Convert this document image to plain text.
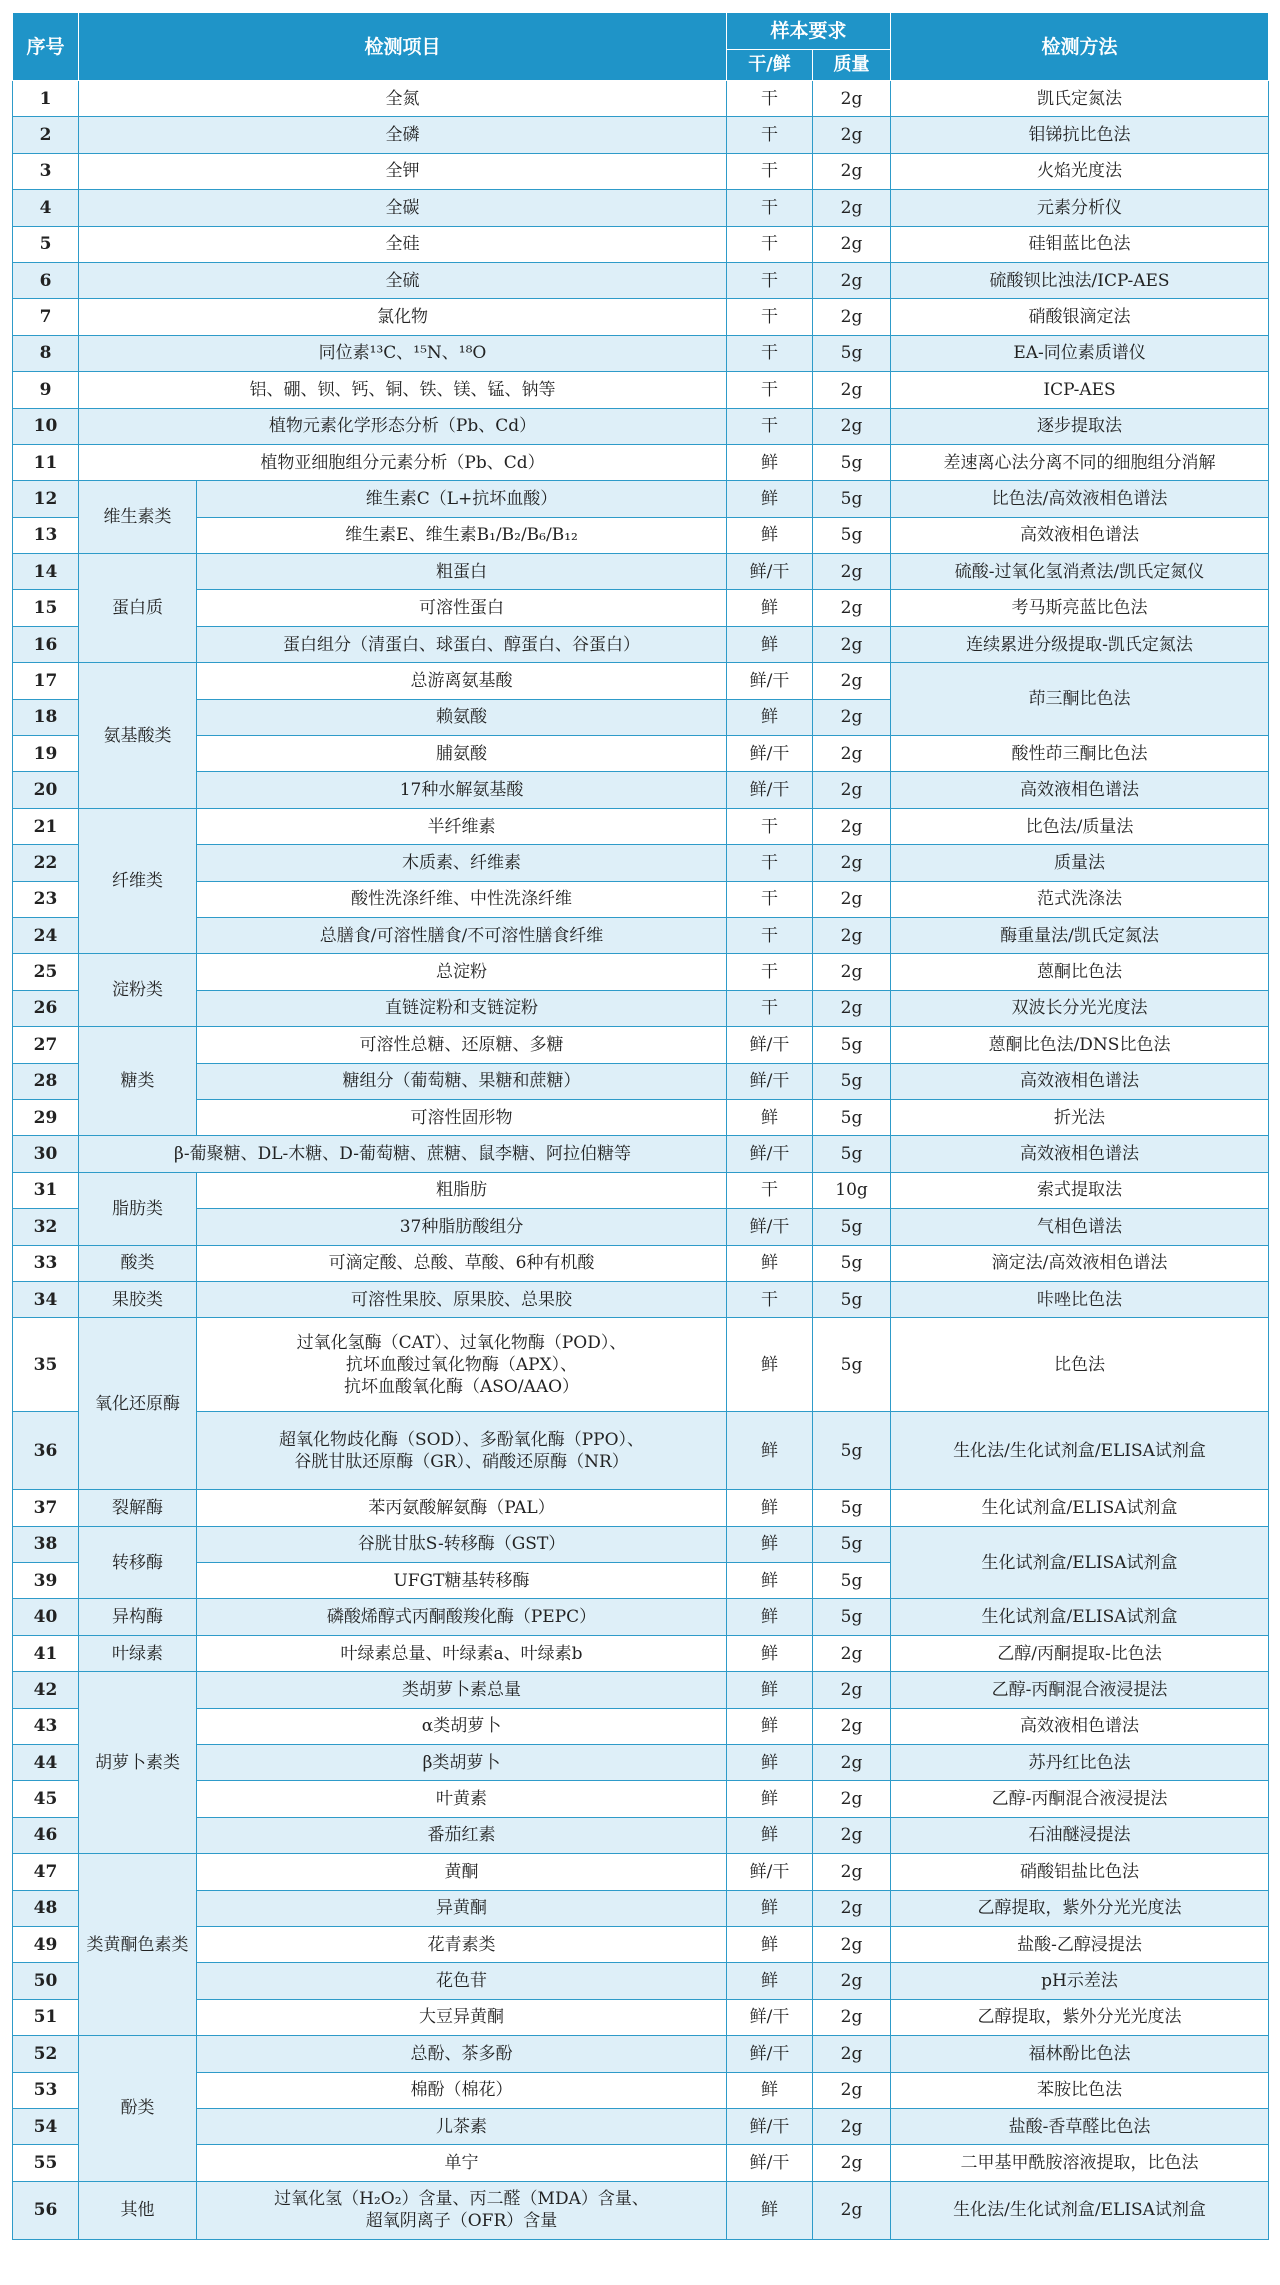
序号	检测项目		样本要求		检测方法
			干/鲜	质量	
1	全氮		干	2g	凯氏定氮法
2	全磷		干	2g	钼锑抗比色法
3	全钾		干	2g	火焰光度法
4	全碳		干	2g	元素分析仪
5	全硅		干	2g	硅钼蓝比色法
6	全硫		干	2g	硫酸钡比浊法/ICP-AES
7	氯化物		干	2g	硝酸银滴定法
8	同位素¹³C、¹⁵N、¹⁸O		干	5g	EA-同位素质谱仪
9	铝、硼、钡、钙、铜、铁、镁、锰、钠等		干	2g	ICP-AES
10	植物元素化学形态分析（Pb、Cd）		干	2g	逐步提取法
11	植物亚细胞组分元素分析（Pb、Cd）		鲜	5g	差速离心法分离不同的细胞组分消解
12	维生素类	维生素C（L+抗坏血酸）	鲜	5g	比色法/高效液相色谱法
13		维生素E、维生素B₁/B₂/B₆/B₁₂	鲜	5g	高效液相色谱法
14	蛋白质	粗蛋白	鲜/干	2g	硫酸-过氧化氢消煮法/凯氏定氮仪
15		可溶性蛋白	鲜	2g	考马斯亮蓝比色法
16		蛋白组分（清蛋白、球蛋白、醇蛋白、谷蛋白）	鲜	2g	连续累进分级提取-凯氏定氮法
17	氨基酸类	总游离氨基酸	鲜/干	2g	茚三酮比色法
18		赖氨酸	鲜	2g	
19		脯氨酸	鲜/干	2g	酸性茚三酮比色法
20		17种水解氨基酸	鲜/干	2g	高效液相色谱法
21	纤维类	半纤维素	干	2g	比色法/质量法
22		木质素、纤维素	干	2g	质量法
23		酸性洗涤纤维、中性洗涤纤维	干	2g	范式洗涤法
24		总膳食/可溶性膳食/不可溶性膳食纤维	干	2g	酶重量法/凯氏定氮法
25	淀粉类	总淀粉	干	2g	蒽酮比色法
26		直链淀粉和支链淀粉	干	2g	双波长分光光度法
27	糖类	可溶性总糖、还原糖、多糖	鲜/干	5g	蒽酮比色法/DNS比色法
28		糖组分（葡萄糖、果糖和蔗糖）	鲜/干	5g	高效液相色谱法
29		可溶性固形物	鲜	5g	折光法
30	β-葡聚糖、DL-木糖、D-葡萄糖、蔗糖、鼠李糖、阿拉伯糖等		鲜/干	5g	高效液相色谱法
31	脂肪类	粗脂肪	干	10g	索式提取法
32		37种脂肪酸组分	鲜/干	5g	气相色谱法
33	酸类	可滴定酸、总酸、草酸、6种有机酸	鲜	5g	滴定法/高效液相色谱法
34	果胶类	可溶性果胶、原果胶、总果胶	干	5g	咔唑比色法
35	氧化还原酶	过氧化氢酶（CAT）、过氧化物酶（POD）、
抗坏血酸过氧化物酶（APX）、
抗坏血酸氧化酶（ASO/AAO）	鲜	5g	比色法
36		超氧化物歧化酶（SOD）、多酚氧化酶（PPO）、
谷胱甘肽还原酶（GR）、硝酸还原酶（NR）	鲜	5g	生化法/生化试剂盒/ELISA试剂盒
37	裂解酶	苯丙氨酸解氨酶（PAL）	鲜	5g	生化试剂盒/ELISA试剂盒
38	转移酶	谷胱甘肽S-转移酶（GST）	鲜	5g	生化试剂盒/ELISA试剂盒
39		UFGT糖基转移酶	鲜	5g	
40	异构酶	磷酸烯醇式丙酮酸羧化酶（PEPC）	鲜	5g	生化试剂盒/ELISA试剂盒
41	叶绿素	叶绿素总量、叶绿素a、叶绿素b	鲜	2g	乙醇/丙酮提取-比色法
42	胡萝卜素类	类胡萝卜素总量	鲜	2g	乙醇-丙酮混合液浸提法
43		α类胡萝卜	鲜	2g	高效液相色谱法
44		β类胡萝卜	鲜	2g	苏丹红比色法
45		叶黄素	鲜	2g	乙醇-丙酮混合液浸提法
46		番茄红素	鲜	2g	石油醚浸提法
47	类黄酮色素类	黄酮	鲜/干	2g	硝酸铝盐比色法
48		异黄酮	鲜	2g	乙醇提取，紫外分光光度法
49		花青素类	鲜	2g	盐酸-乙醇浸提法
50		花色苷	鲜	2g	pH示差法
51		大豆异黄酮	鲜/干	2g	乙醇提取，紫外分光光度法
52	酚类	总酚、茶多酚	鲜/干	2g	福林酚比色法
53		棉酚（棉花）	鲜	2g	苯胺比色法
54		儿茶素	鲜/干	2g	盐酸-香草醛比色法
55		单宁	鲜/干	2g	二甲基甲酰胺溶液提取，比色法
56	其他	过氧化氢（H₂O₂）含量、丙二醛（MDA）含量、
超氧阴离子（OFR）含量	鲜	2g	生化法/生化试剂盒/ELISA试剂盒
